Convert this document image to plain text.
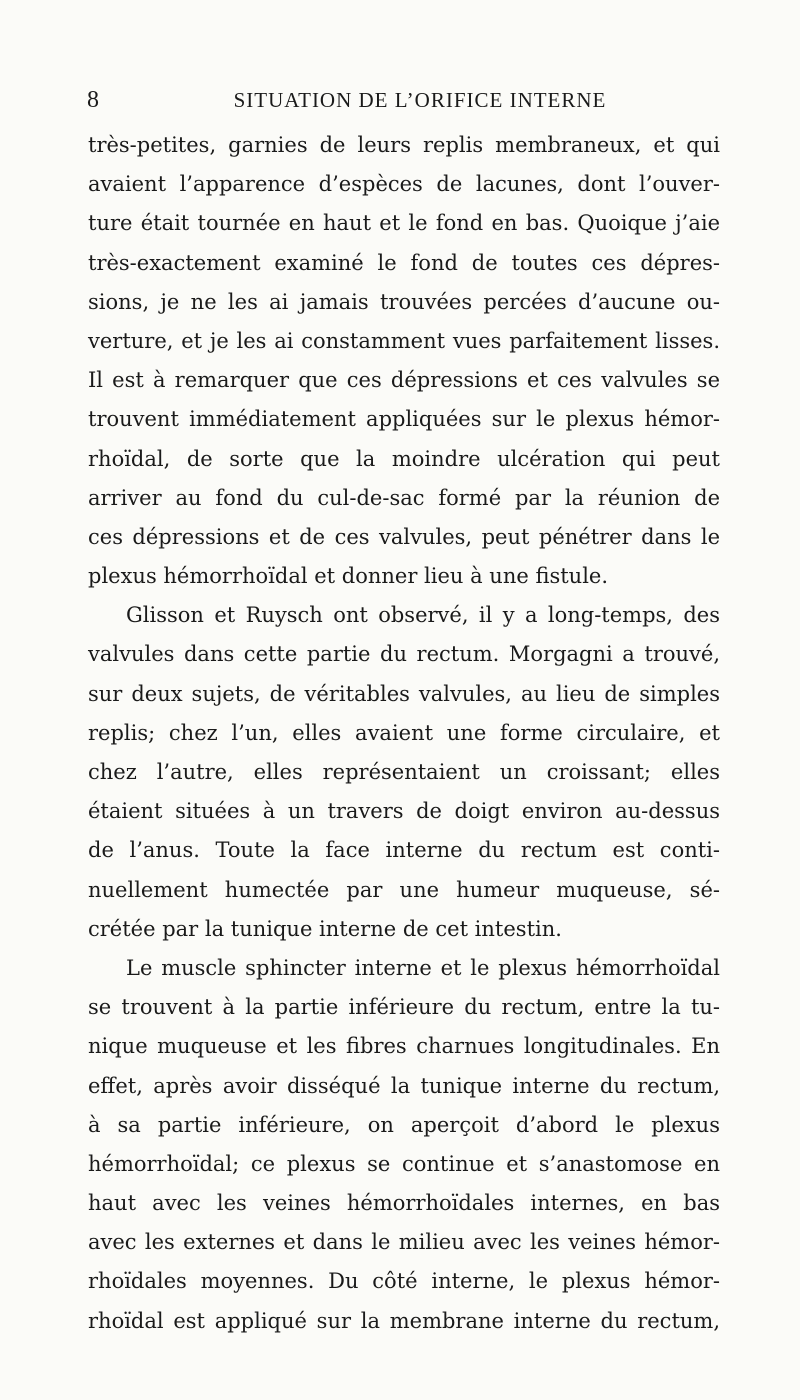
8	SITUATION DE L’ORIFICE INTERNE
très-petites, garnies de leurs replis membraneux, et qui
avaient l’apparence d’espèces de lacunes, dont l’ouver-
ture était tournée en haut et le fond en bas. Quoique j’aie
très-exactement examiné le fond de toutes ces dépres-
sions, je ne les ai jamais trouvées percées d’aucune ou-
verture, et je les ai constamment vues parfaitement lisses.
Il est à remarquer que ces dépressions et ces valvules se
trouvent immédiatement appliquées sur le plexus hémor-
rhoïdal, de sorte que la moindre ulcération qui peut
arriver au fond du cul-de-sac formé par la réunion de
ces dépressions et de ces valvules, peut pénétrer dans le
plexus hémorrhoïdal et donner lieu à une fistule.
Glisson et Ruysch ont observé, il y a long-temps, des
valvules dans cette partie du rectum. Morgagni a trouvé,
sur deux sujets, de véritables valvules, au lieu de simples
replis; chez l’un, elles avaient une forme circulaire, et
chez l’autre, elles représentaient un croissant; elles
étaient situées à un travers de doigt environ au-dessus
de l’anus. Toute la face interne du rectum est conti-
nuellement humectée par une humeur muqueuse, sé-
crétée par la tunique interne de cet intestin.
Le muscle sphincter interne et le plexus hémorrhoïdal
se trouvent à la partie inférieure du rectum, entre la tu-
nique muqueuse et les fibres charnues longitudinales. En
effet, après avoir disséqué la tunique interne du rectum,
à sa partie inférieure, on aperçoit d’abord le plexus
hémorrhoïdal; ce plexus se continue et s’anastomose en
haut avec les veines hémorrhoïdales internes, en bas
avec les externes et dans le milieu avec les veines hémor-
rhoïdales moyennes. Du côté interne, le plexus hémor-
rhoïdal est appliqué sur la membrane interne du rectum,
